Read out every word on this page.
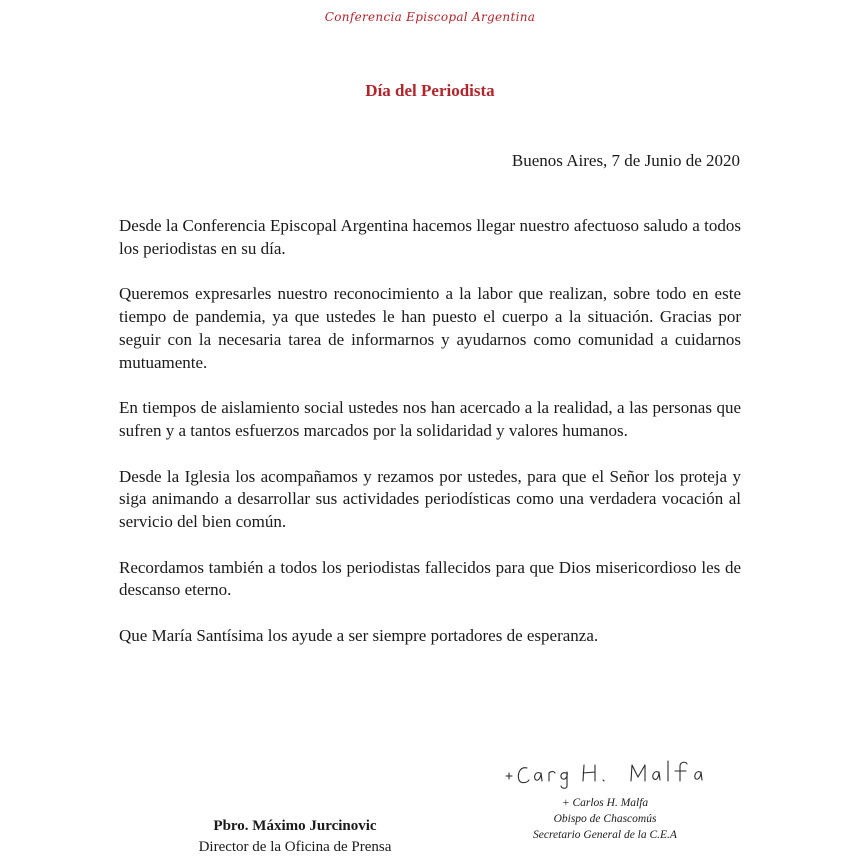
Conferencia Episcopal Argentina
Día del Periodista
Buenos Aires, 7 de Junio de 2020

Desde la Conferencia Episcopal Argentina hacemos llegar nuestro afectuoso saludo a todos los periodistas en su día.

Queremos expresarles nuestro reconocimiento a la labor que realizan, sobre todo en este tiempo de pandemia, ya que ustedes le han puesto el cuerpo a la situación. Gracias por seguir con la necesaria tarea de informarnos y ayudarnos como comunidad a cuidarnos mutuamente.

En tiempos de aislamiento social ustedes nos han acercado a la realidad, a las personas que sufren y a tantos esfuerzos marcados por la solidaridad y valores humanos.

Desde la Iglesia los acompañamos y rezamos por ustedes, para que el Señor los proteja y siga animando a desarrollar sus actividades periodísticas como una verdadera vocación al servicio del bien común.

Recordamos también a todos los periodistas fallecidos para que Dios misericordioso les de descanso eterno.

Que María Santísima los ayude a ser siempre portadores de esperanza.

+ Carlos H. Malfa
Obispo de Chascomús
Secretario General de la C.E.A
Pbro. Máximo Jurcinovic
Director de la Oficina de Prensa
